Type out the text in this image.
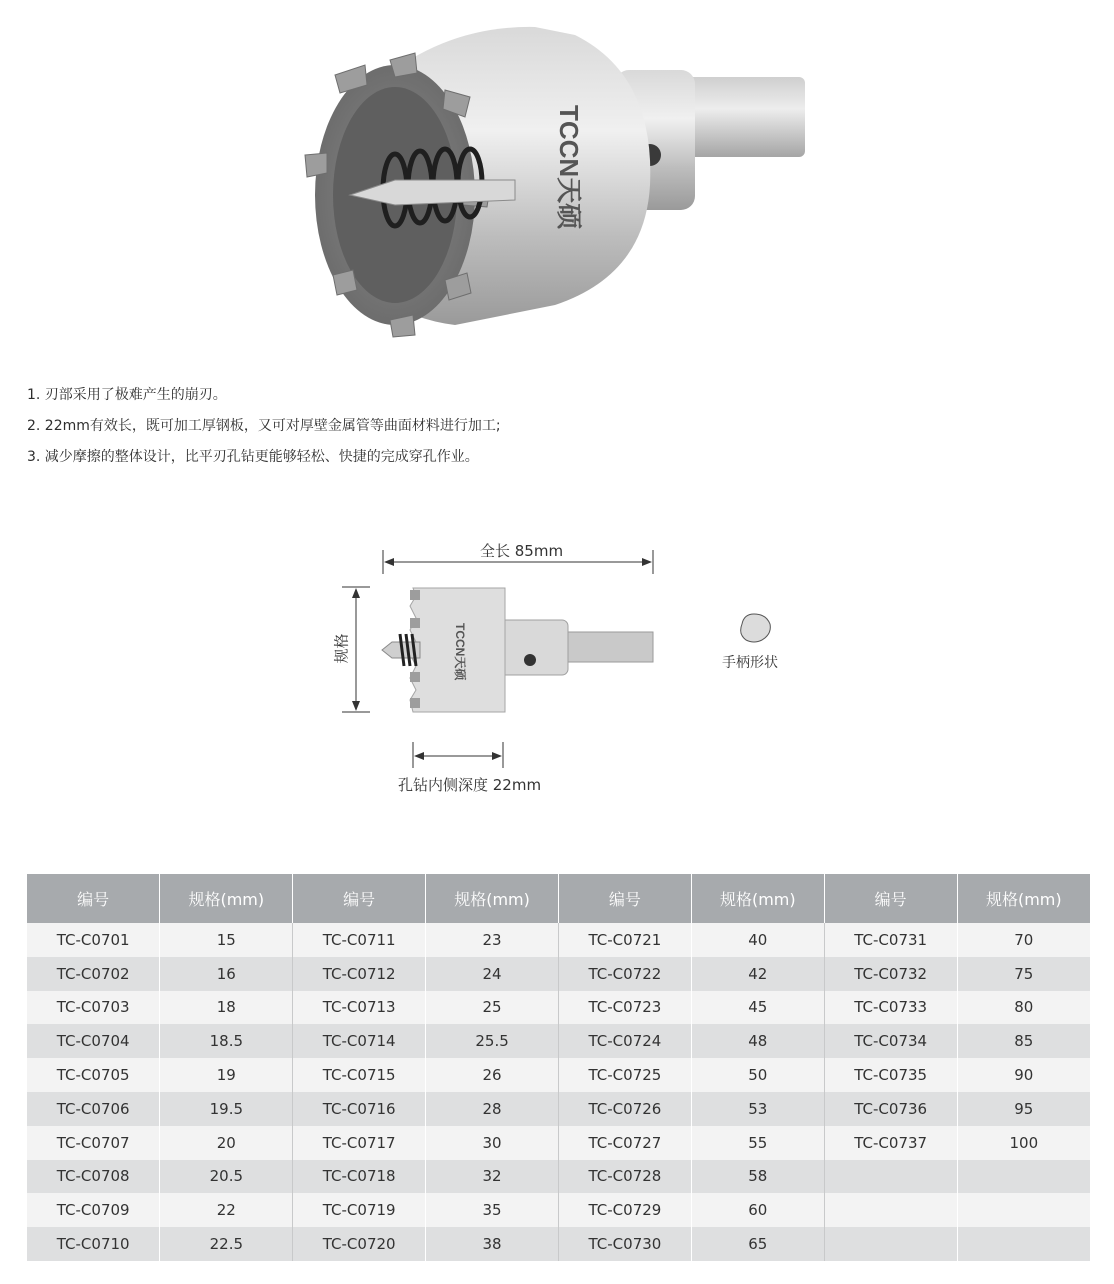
TCCN天硕
1. 刃部采用了极难产生的崩刃。
2. 22mm有效长，既可加工厚钢板，又可对厚壁金属管等曲面材料进行加工;
3. 减少摩擦的整体设计，比平刃孔钻更能够轻松、快捷的完成穿孔作业。
TCCN天硕
全长 85mm
规格
孔钻内侧深度 22mm
手柄形状
编号	规格(mm)	编号	规格(mm)	编号	规格(mm)	编号	规格(mm)
TC-C0701	15	TC-C0711	23	TC-C0721	40	TC-C0731	70
TC-C0702	16	TC-C0712	24	TC-C0722	42	TC-C0732	75
TC-C0703	18	TC-C0713	25	TC-C0723	45	TC-C0733	80
TC-C0704	18.5	TC-C0714	25.5	TC-C0724	48	TC-C0734	85
TC-C0705	19	TC-C0715	26	TC-C0725	50	TC-C0735	90
TC-C0706	19.5	TC-C0716	28	TC-C0726	53	TC-C0736	95
TC-C0707	20	TC-C0717	30	TC-C0727	55	TC-C0737	100
TC-C0708	20.5	TC-C0718	32	TC-C0728	58		
TC-C0709	22	TC-C0719	35	TC-C0729	60		
TC-C0710	22.5	TC-C0720	38	TC-C0730	65		
